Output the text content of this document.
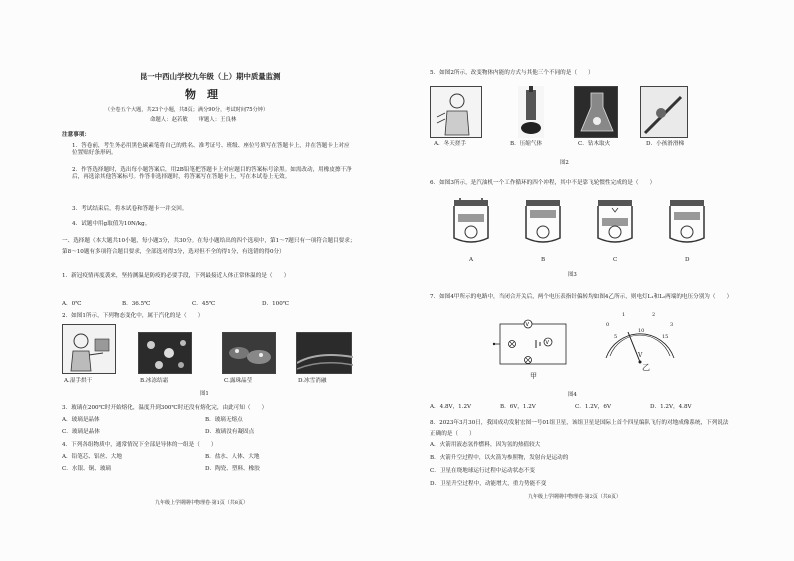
昆一中西山学校九年级（上）期中质量监测
物　理
（全卷五个大题，共23个小题，共8页；满分90分，考试时间75分钟）
命题人：赵若敏　　审题人：王良林
注意事项：
1．答卷前，考生务必用黑色碳素笔将自己的姓名、准考证号、班级、座位号填写在答题卡上，并在答题卡上对应位置贴好条形码。
2．作答选择题时，选出每小题答案后，用2B铅笔把答题卡上对应题目的答案标号涂黑。如需改动，用橡皮擦干净后，再选涂其他答案标号。作答非选择题时，将答案写在答题卡上，写在本试卷上无效。
3．考试结束后，将本试卷和答题卡一并交回。
4．试题中用g取值为10N/kg。
一、选择题（本大题共10小题，每小题3分，共30分。在每小题给出的四个选项中，第1～7题只有一项符合题目要求；第8～10题有多项符合题目要求，全部选对得3分，选对但不全的得1分，有选错的得0分）
1．新冠疫情再度袭来，坚持测温是防疫的必要手段，下列最接近人体正常体温的是（　　）
A．0℃	B．36.5℃	C．45℃	D．100℃
2．如图1所示，下列物态变化中，属于汽化的是（　　）
A.湿手烘干	B.冰冻结霜	C.露珠晶莹	D.冰雪消融
图1
3．玻璃在200℃时开始熔化，温度升到300℃时还没有熔化完，由此可知（　　）
A．玻璃是晶体	B．玻璃无熔点
C．玻璃是晶体	D．玻璃没有凝固点
4．下列各组物质中，通常情况下全部是导体的一组是（　　）
A．铅笔芯、铝丝、大地	B．盐水、人体、大地
C．水银、铜、玻璃	D．陶瓷、塑料、橡胶
九年级上学期期中物理卷·第1页（共8页）
5．如图2所示，改变物体内能的方式与其他三个不同的是（　　）
A．冬天搓手	B．压缩气体	C．钻木取火	D．小孩滑滑梯
图2
6．如图3所示，是汽油机一个工作循环的四个冲程，其中不是靠飞轮惯性完成的是（　　）
A	B	C	D
图3
7．如图4甲所示的电路中，当闭合开关后，两个电压表指针偏转均如图4乙所示，则电灯L₁和L₂两端的电压分别为（　　）
V
V
甲
0
1	2
3
5
10
15
V
乙
图4
A．4.8V，1.2V	B．6V，1.2V	C．1.2V，6V	D．1.2V，4.8V
8．2023年3月30日，我国成功发射宏图一号01组卫星，该组卫星是国际上首个四星编队飞行的对地成像系统，下列说法正确的是（　　）
A．火箭用液态氢作燃料，因为氢的热值较大
B．火箭升空过程中，以火箭为参照物，发射台是运动的
C．卫星在绕地球运行过程中运动状态不变
D．卫星升空过程中，动能增大，重力势能不变
九年级上学期期中物理卷·第2页（共8页）
